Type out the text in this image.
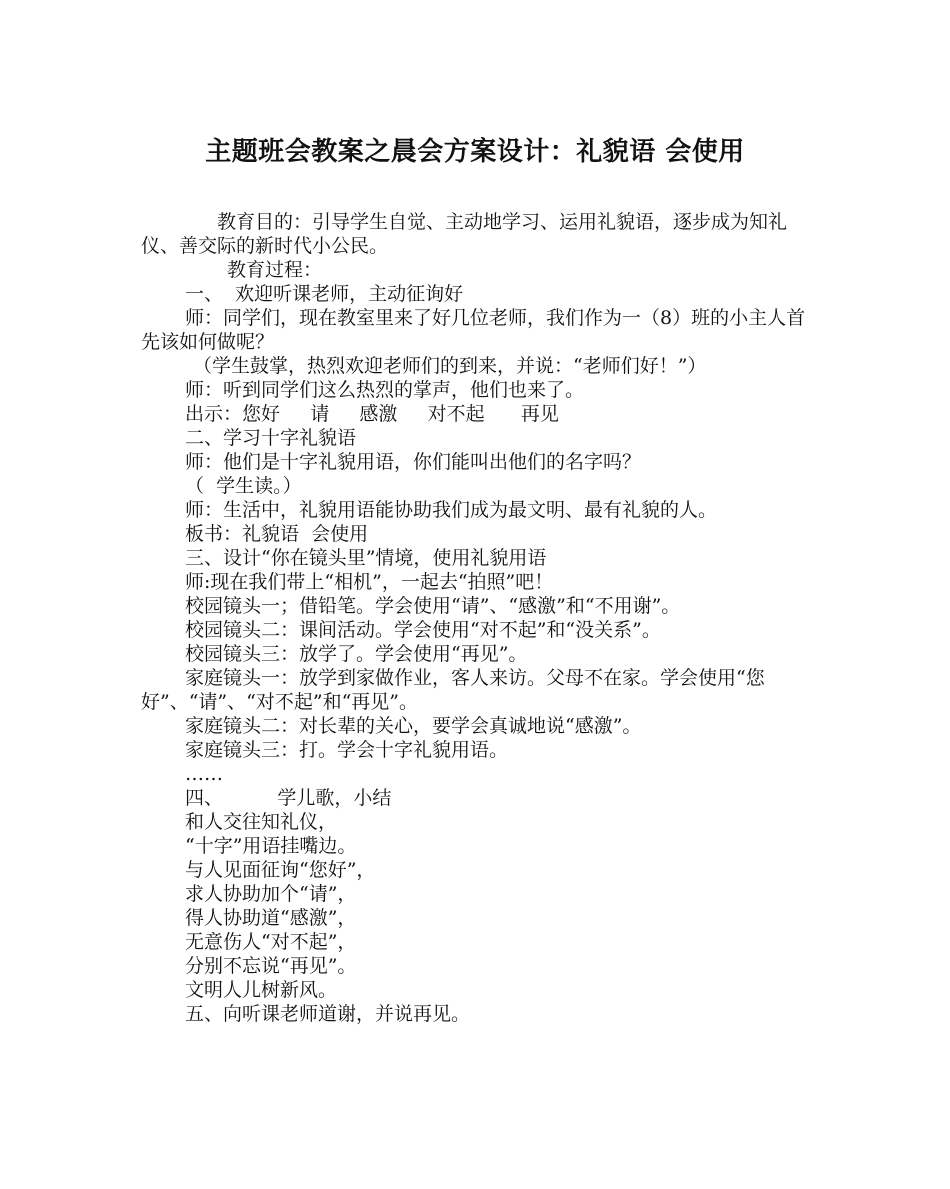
主题班会教案之晨会方案设计：礼貌语 会使用

教育目的：引导学生自觉、主动地学习、运用礼貌语，逐步成为知礼仪、善交际的新时代小公民。

教育过程：

一、  欢迎听课老师，主动征询好

师：同学们，现在教室里来了好几位老师，我们作为一（8）班的小主人首先该如何做呢？

（学生鼓掌，热烈欢迎老师们的到来，并说：“老师们好！”）

师：听到同学们这么热烈的掌声，他们也来了。

出示：您好     请     感激     对不起      再见

二、学习十字礼貌语

师：他们是十字礼貌用语，你们能叫出他们的名字吗？

（  学生读。）

师：生活中，礼貌用语能协助我们成为最文明、最有礼貌的人。

板书：礼貌语  会使用

三、设计“你在镜头里”情境，使用礼貌用语

师:现在我们带上“相机”，一起去“拍照”吧！

校园镜头一；借铅笔。学会使用“请”、“感激”和“不用谢”。

校园镜头二：课间活动。学会使用“对不起”和“没关系”。

校园镜头三：放学了。学会使用“再见”。

家庭镜头一：放学到家做作业，客人来访。父母不在家。学会使用“您好”、“请”、“对不起”和“再见”。

家庭镜头二：对长辈的关心，要学会真诚地说“感激”。

家庭镜头三：打。学会十字礼貌用语。

……

四、         学儿歌，小结

和人交往知礼仪，

“十字”用语挂嘴边。

与人见面征询“您好”，

求人协助加个“请”，

得人协助道“感激”，

无意伤人“对不起”，

分别不忘说“再见”。

文明人儿树新风。

五、向听课老师道谢，并说再见。
